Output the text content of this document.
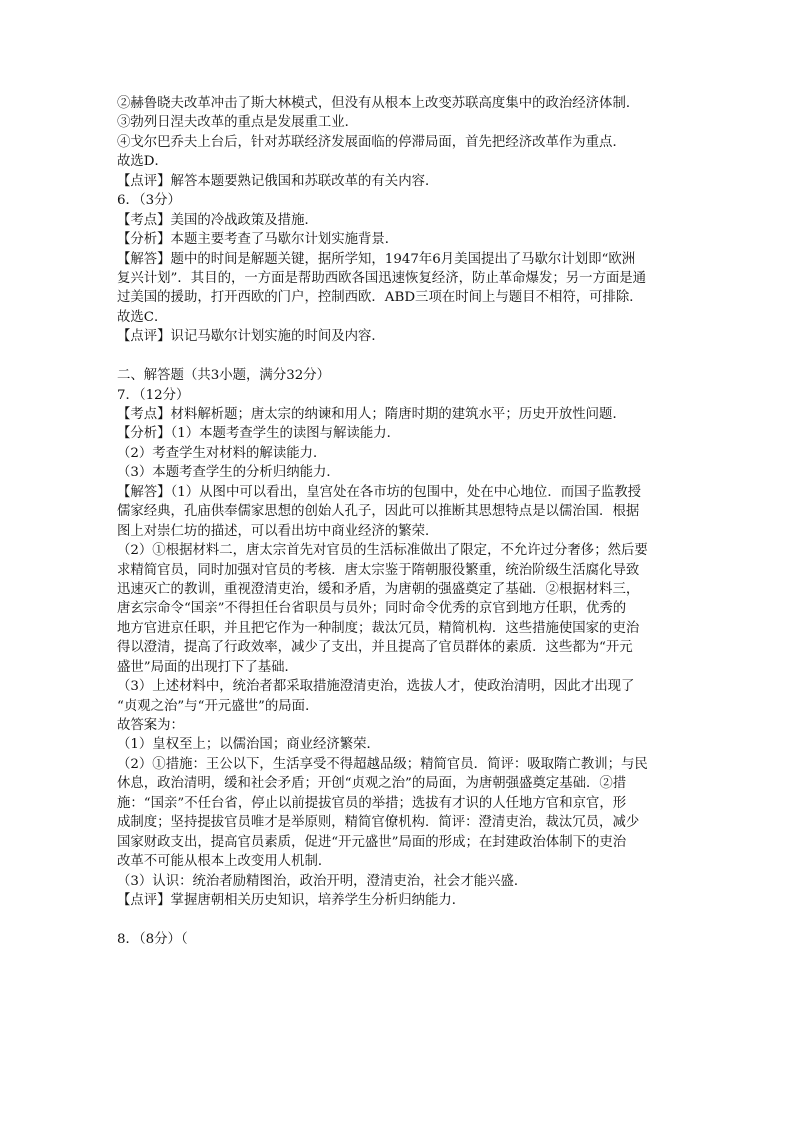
②赫鲁晓夫改革冲击了斯大林模式，但没有从根本上改变苏联高度集中的政治经济体制．
③勃列日涅夫改革的重点是发展重工业．
④戈尔巴乔夫上台后，针对苏联经济发展面临的停滞局面，首先把经济改革作为重点．
故选D．
【点评】解答本题要熟记俄国和苏联改革的有关内容．
6．（3分）
【考点】美国的冷战政策及措施．
【分析】本题主要考查了马歇尔计划实施背景．
【解答】题中的时间是解题关键，据所学知，1947年6月美国提出了马歇尔计划即“欧洲
复兴计划”．其目的，一方面是帮助西欧各国迅速恢复经济，防止革命爆发；另一方面是通
过美国的援助，打开西欧的门户，控制西欧．ABD三项在时间上与题目不相符，可排除．
故选C．
【点评】识记马歇尔计划实施的时间及内容．
二、解答题（共3小题，满分32分）
7．（12分）
【考点】材料解析题；唐太宗的纳谏和用人；隋唐时期的建筑水平；历史开放性问题．
【分析】（1）本题考查学生的读图与解读能力．
（2）考查学生对材料的解读能力．
（3）本题考查学生的分析归纳能力．
【解答】（1）从图中可以看出，皇宫处在各市坊的包围中，处在中心地位．而国子监教授
儒家经典，孔庙供奉儒家思想的创始人孔子，因此可以推断其思想特点是以儒治国．根据
图上对崇仁坊的描述，可以看出坊中商业经济的繁荣．
（2）①根据材料二，唐太宗首先对官员的生活标准做出了限定，不允许过分奢侈；然后要
求精简官员，同时加强对官员的考核．唐太宗鉴于隋朝服役繁重，统治阶级生活腐化导致
迅速灭亡的教训，重视澄清吏治，缓和矛盾，为唐朝的强盛奠定了基础．②根据材料三，
唐玄宗命令“国亲”不得担任台省职员与员外；同时命令优秀的京官到地方任职，优秀的
地方官进京任职，并且把它作为一种制度；裁汰冗员，精简机构．这些措施使国家的吏治
得以澄清，提高了行政效率，减少了支出，并且提高了官员群体的素质．这些都为“开元
盛世”局面的出现打下了基础．
（3）上述材料中，统治者都采取措施澄清吏治，选拔人才，使政治清明，因此才出现了
“贞观之治”与“开元盛世”的局面．
故答案为：
（1）皇权至上；以儒治国；商业经济繁荣．
（2）①措施：王公以下，生活享受不得超越品级；精简官员．简评：吸取隋亡教训；与民
休息，政治清明，缓和社会矛盾；开创“贞观之治”的局面，为唐朝强盛奠定基础．②措
施：“国亲”不任台省，停止以前提拔官员的举措；选拔有才识的人任地方官和京官，形
成制度；坚持提拔官员唯才是举原则，精简官僚机构．简评：澄清吏治，裁汰冗员，减少
国家财政支出，提高官员素质，促进“开元盛世”局面的形成；在封建政治体制下的吏治
改革不可能从根本上改变用人机制．
（3）认识：统治者励精图治，政治开明，澄清吏治，社会才能兴盛．
【点评】掌握唐朝相关历史知识，培养学生分析归纳能力．
8．（8分）（
